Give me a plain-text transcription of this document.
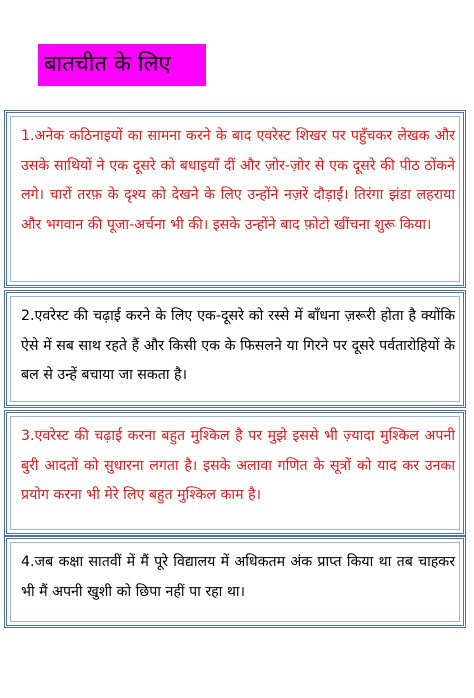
बातचीत के लिए

1.अनेक कठिनाइयों का सामना करने के बाद एवरेस्ट शिखर पर पहुँचकर लेखक और उसके साथियों ने एक दूसरे को बधाइयाँ दीं और ज़ोर-ज़ोर से एक दूसरे की पीठ ठोंकने लगे। चारों तरफ़ के दृश्य को देखने के लिए उन्होंने नज़रें दौड़ाईं। तिरंगा झंडा लहराया और भगवान की पूजा-अर्चना भी की। इसके उन्होंने बाद फ़ोटो खींचना शुरू किया।

2.एवरेस्ट की चढ़ाई करने के लिए एक-दूसरे को रस्से में बाँधना ज़रूरी होता है क्योंकि ऐसे में सब साथ रहते हैं और किसी एक के फिसलने या गिरने पर दूसरे पर्वतारोहियों के बल से उन्हें बचाया जा सकता है।

3.एवरेस्ट की चढ़ाई करना बहुत मुश्किल है पर मुझे इससे भी ज़्यादा मुश्किल अपनी बुरी आदतों को सुधारना लगता है। इसके अलावा गणित के सूत्रों को याद कर उनका प्रयोग करना भी मेरे लिए बहुत मुश्किल काम है।

4.जब कक्षा सातवीं में मैं पूरे विद्यालय में अधिकतम अंक प्राप्त किया था तब चाहकर भी मैं अपनी खुशी को छिपा नहीं पा रहा था।
